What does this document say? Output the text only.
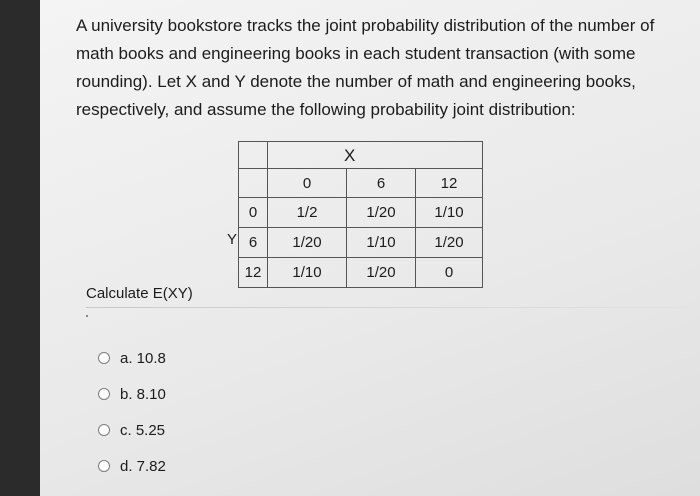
A university bookstore tracks the joint probability distribution of the number of math books and engineering books in each student transaction (with some rounding). Let X and Y denote the number of math and engineering books, respectively, and assume the following probability joint distribution:

X
Y

	0	6	12
0	1/2	1/20	1/10
6	1/20	1/10	1/20
12	1/10	1/20	0
Calculate E(XY)
a. 10.8
b. 8.10
c. 5.25
d. 7.82
